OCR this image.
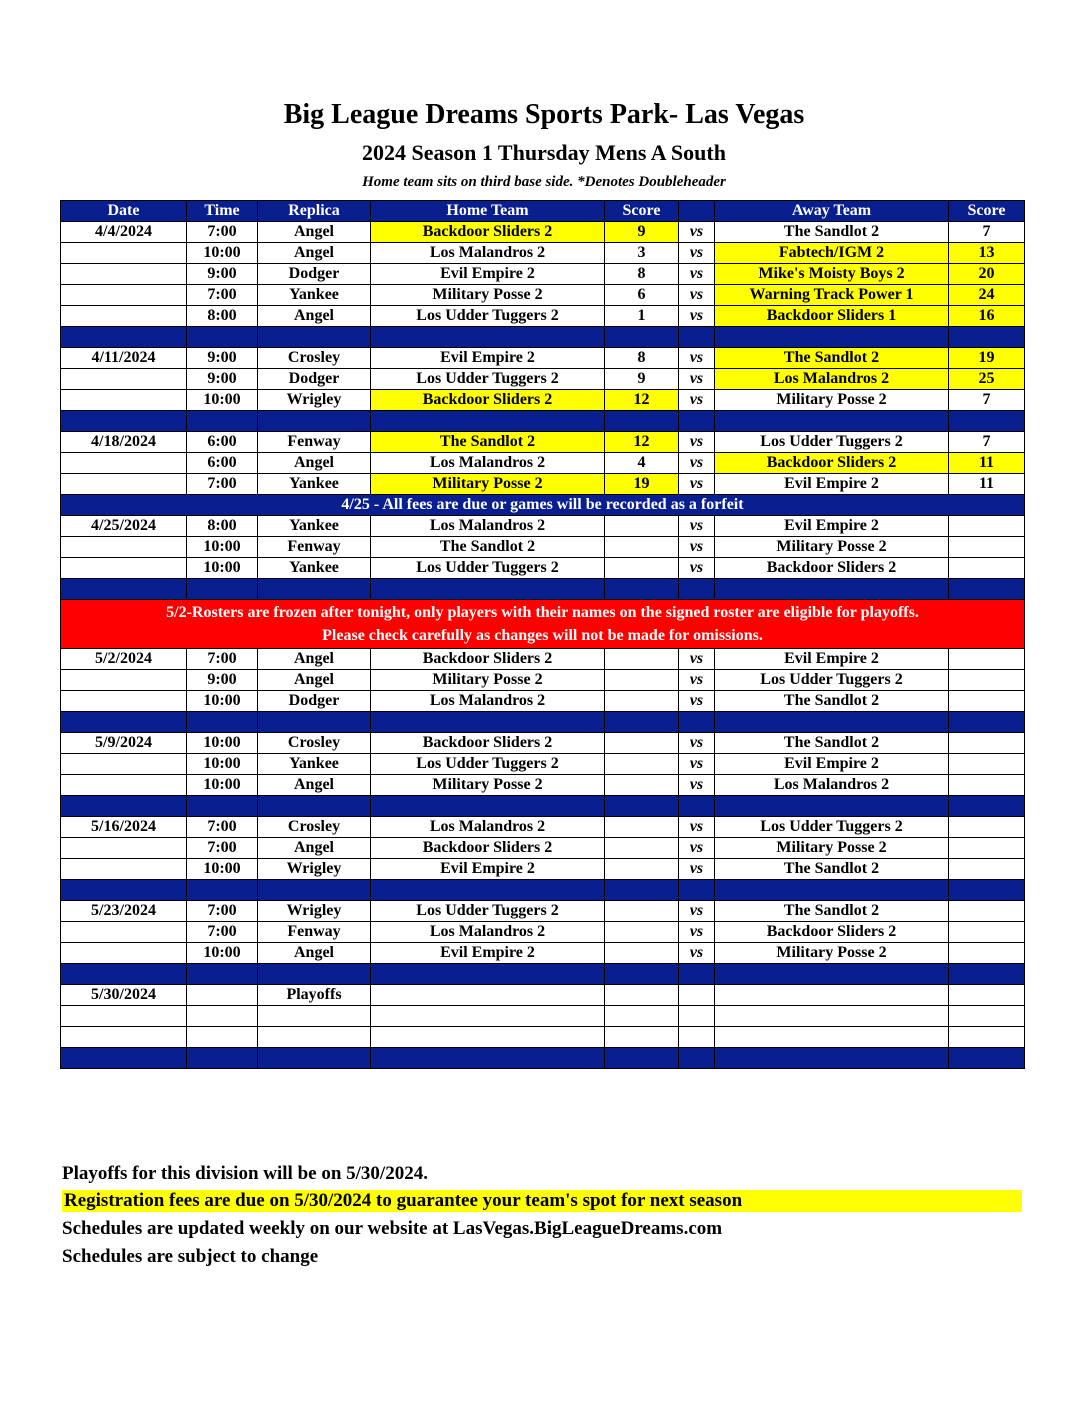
Big League Dreams Sports Park- Las Vegas
2024 Season 1 Thursday Mens A South
Home team sits on third base side. *Denotes Doubleheader
Date	Time	Replica	Home Team	Score		Away Team	Score
4/4/2024	7:00	Angel	Backdoor Sliders 2	9	vs	The Sandlot 2	7
	10:00	Angel	Los Malandros 2	3	vs	Fabtech/IGM 2	13
	9:00	Dodger	Evil Empire 2	8	vs	Mike's Moisty Boys 2	20
	7:00	Yankee	Military Posse 2	6	vs	Warning Track Power 1	24
	8:00	Angel	Los Udder Tuggers 2	1	vs	Backdoor Sliders 1	16

4/11/2024	9:00	Crosley	Evil Empire 2	8	vs	The Sandlot 2	19
	9:00	Dodger	Los Udder Tuggers 2	9	vs	Los Malandros 2	25
	10:00	Wrigley	Backdoor Sliders 2	12	vs	Military Posse 2	7

4/18/2024	6:00	Fenway	The Sandlot 2	12	vs	Los Udder Tuggers 2	7
	6:00	Angel	Los Malandros 2	4	vs	Backdoor Sliders 2	11
	7:00	Yankee	Military Posse 2	19	vs	Evil Empire 2	11
4/25 - All fees are due or games will be recorded as a forfeit							
4/25/2024	8:00	Yankee	Los Malandros 2		vs	Evil Empire 2	
	10:00	Fenway	The Sandlot 2		vs	Military Posse 2	
	10:00	Yankee	Los Udder Tuggers 2		vs	Backdoor Sliders 2	

5/2-Rosters are frozen after tonight, only players with their names on the signed roster are eligible for playoffs.
Please check carefully as changes will not be made for omissions.							

5/2/2024	7:00	Angel	Backdoor Sliders 2		vs	Evil Empire 2	
	9:00	Angel	Military Posse 2		vs	Los Udder Tuggers 2	
	10:00	Dodger	Los Malandros 2		vs	The Sandlot 2	

5/9/2024	10:00	Crosley	Backdoor Sliders 2		vs	The Sandlot 2	
	10:00	Yankee	Los Udder Tuggers 2		vs	Evil Empire 2	
	10:00	Angel	Military Posse 2		vs	Los Malandros 2	

5/16/2024	7:00	Crosley	Los Malandros 2		vs	Los Udder Tuggers 2	
	7:00	Angel	Backdoor Sliders 2		vs	Military Posse 2	
	10:00	Wrigley	Evil Empire 2		vs	The Sandlot 2	

5/23/2024	7:00	Wrigley	Los Udder Tuggers 2		vs	The Sandlot 2	
	7:00	Fenway	Los Malandros 2		vs	Backdoor Sliders 2	
	10:00	Angel	Evil Empire 2		vs	Military Posse 2	

5/30/2024		Playoffs					

Playoffs for this division will be on 5/30/2024.
Registration fees are due on 5/30/2024 to guarantee your team's spot for next season
Schedules are updated weekly on our website at LasVegas.BigLeagueDreams.com
Schedules are subject to change
